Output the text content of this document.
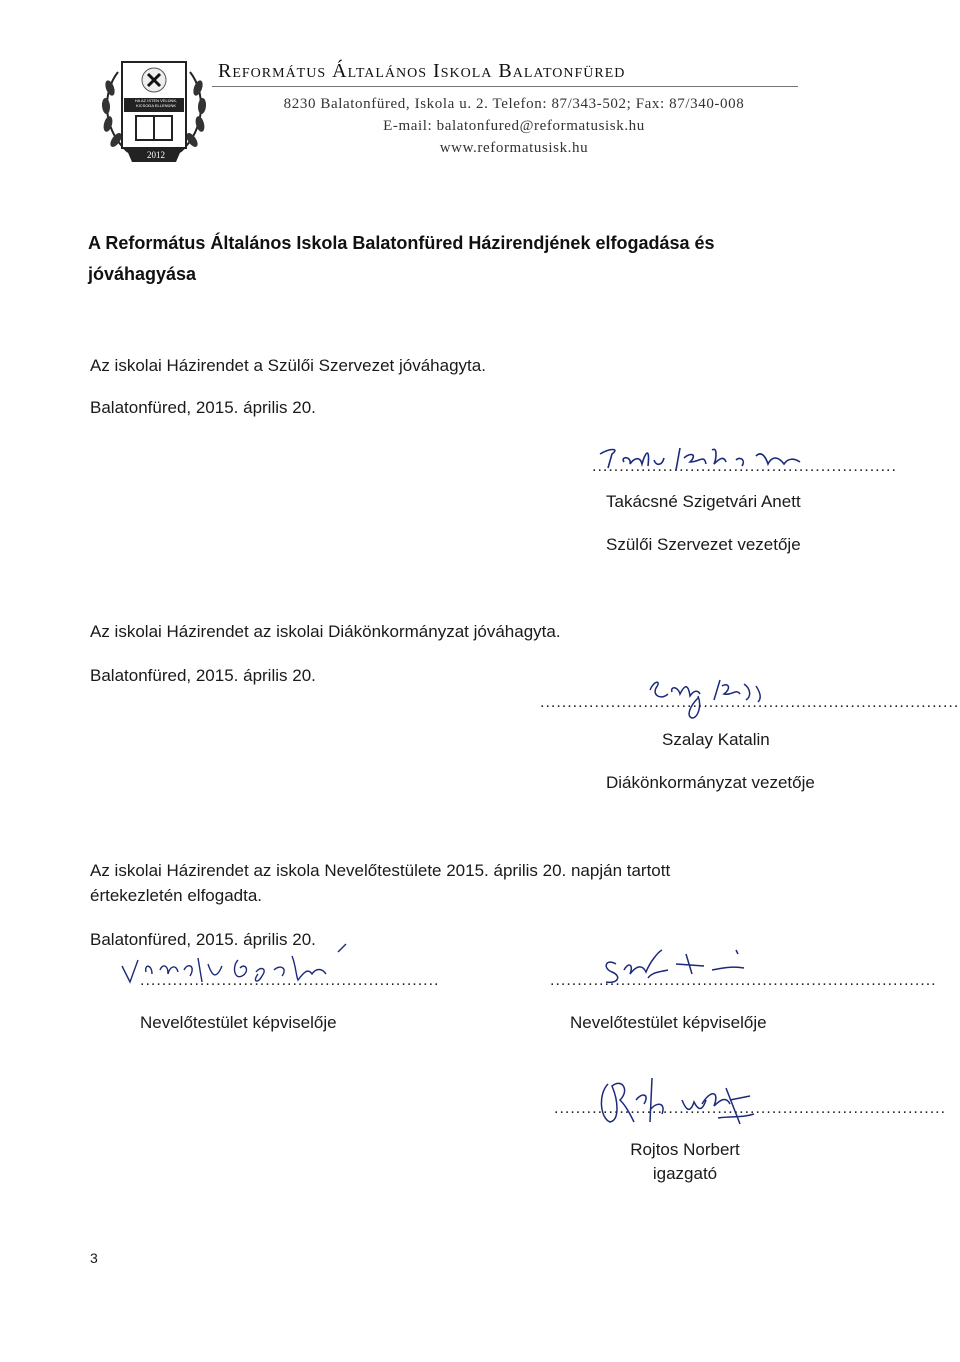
HA AZ ISTEN VELÜNK, KICSODA ELLENÜNK
2012
Református Általános Iskola Balatonfüred
8230 Balatonfüred, Iskola u. 2. Telefon: 87/343-502; Fax: 87/340-008
E-mail: balatonfured@reformatusisk.hu
www.reformatusisk.hu
A Református Általános Iskola Balatonfüred Házirendjének elfogadása és jóváhagyása
Az iskolai Házirendet a Szülői Szervezet jóváhagyta.
Balatonfüred, 2015. április 20.
........................................................
Takácsné Szigetvári Anett
Szülői Szervezet vezetője
Az iskolai Házirendet az iskolai Diákönkormányzat jóváhagyta.
Balatonfüred, 2015. április 20.
.............................................................................
Szalay Katalin
Diákönkormányzat vezetője
Az iskolai Házirendet az iskola Nevelőtestülete 2015. április 20. napján tartott értekezletén elfogadta.
Balatonfüred, 2015. április 20.
.......................................................	.......................................................................
Nevelőtestület képviselője	Nevelőtestület képviselője
........................................................................
Rojtos Norbert
igazgató
3
